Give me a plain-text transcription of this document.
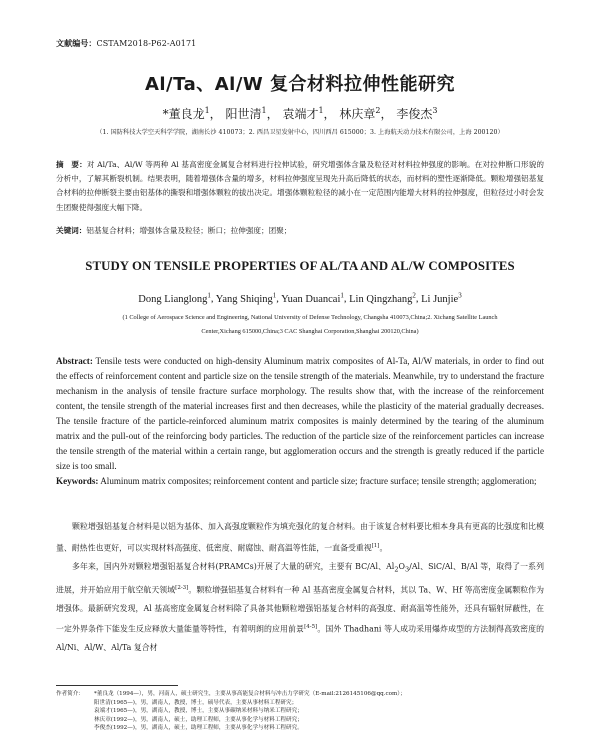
文献编号：CSTAM2018-P62-A0171
Al/Ta、Al/W 复合材料拉伸性能研究
*董良龙$^1$， 阳世清$^1$， 袁端才$^1$， 林庆章$^2$， 李俊杰$^3$
（1. 国防科技大学空天科学学院，湖南长沙 410073；2. 西昌卫星发射中心，四川西昌 615000；3. 上海航天动力技术有限公司，上海 200120）
摘　要：对 Al/Ta、Al/W 等两种 Al 基高密度金属复合材料进行拉伸试验，研究增强体含量及粒径对材料拉伸强度的影响。在对拉伸断口形貌的分析中，了解其断裂机制。结果表明，随着增强体含量的增多，材料拉伸强度呈现先升高后降低的状态，而材料的塑性逐渐降低。颗粒增强铝基复合材料的拉伸断裂主要由铝基体的撕裂和增强体颗粒的拔出决定。增强体颗粒粒径的减小在一定范围内能增大材料的拉伸强度，但粒径过小时会发生团聚使得强度大幅下降。
关键词：铝基复合材料；增强体含量及粒径；断口；拉伸强度；团聚；
STUDY ON TENSILE PROPERTIES OF AL/TA AND AL/W COMPOSITES
Dong Lianglong$^1$, Yang Shiqing$^1$, Yuan Duancai$^1$, Lin Qingzhang$^2$, Li Junjie$^3$
(1 College of Aerospace Science and Engineering, National University of Defense Technology, Changsha 410073,China;2. Xichang Satellite Launch Center,Xichang 615000,China;3 CAC Shanghai Corporation,Shanghai 200120,China)
Abstract: Tensile tests were conducted on high-density Aluminum matrix composites of Al-Ta, Al/W materials, in order to find out the effects of reinforcement content and particle size on the tensile strength of the materials. Meanwhile, try to understand the fracture mechanism in the analysis of tensile fracture surface morphology. The results show that, with the increase of the reinforcement content, the tensile strength of the material increases first and then decreases, while the plasticity of the material gradually decreases. The tensile fracture of the particle-reinforced aluminum matrix composites is mainly determined by the tearing of the aluminum matrix and the pull-out of the reinforcing body particles. The reduction of the particle size of the reinforcement particles can increase the tensile strength of the material within a certain range, but agglomeration occurs and the strength is greatly reduced if the particle size is too small.
Keywords: Aluminum matrix composites; reinforcement content and particle size; fracture surface; tensile strength; agglomeration;

颗粒增强铝基复合材料是以铝为基体、加入高强度颗粒作为填充强化的复合材料。由于该复合材料要比相本身具有更高的比强度和比模量、耐热性也更好，可以实现材料高强度、低密度、耐腐蚀、耐高温等性能，一直备受重视[1]。

多年来，国内外对颗粒增强铝基复合材料(PRAMCs)开展了大量的研究，主要有 BC/Al、$Al_2O_3/Al$、SiC/Al、B/Al 等，取得了一系列进展，并开始应用于航空航天领域[2-3]。颗粒增强铝基复合材料有一种 Al 基高密度金属复合材料，其以 Ta、W、Hf 等高密度金属颗粒作为增强体。最新研究发现，Al 基高密度金属复合材料除了具备其他颗粒增强铝基复合材料的高强度、耐高温等性能外，还具有辐射屏蔽性，在一定外界条件下能发生反应释放大量能量等特性，有着明朗的应用前景[4-5]。国外 Thadhani 等人成功采用爆炸成型的方法制得高致密度的 Al/Ni、Al/W、Al/Ta 复合材

作者简介： *董良龙（1994—），男，河南人，硕士研究生，主要从事高能复合材料与冲击力学研究（E-mail:2126145106@qq.com）；
阳世清(1965—)，男，湖南人，教授，博士，硕导代表，主要从事材料工程研究；
袁端才(1965—)，男，湖南人，教授，博士，主要从事碳纳米材料与纳米工程研究；
林庆章(1992—)，男，湖南人，硕士，助理工程师，主要从事化学与材料工程研究；
李俊杰(1992—)，男，湖南人，硕士，助理工程师，主要从事化学与材料工程研究。
